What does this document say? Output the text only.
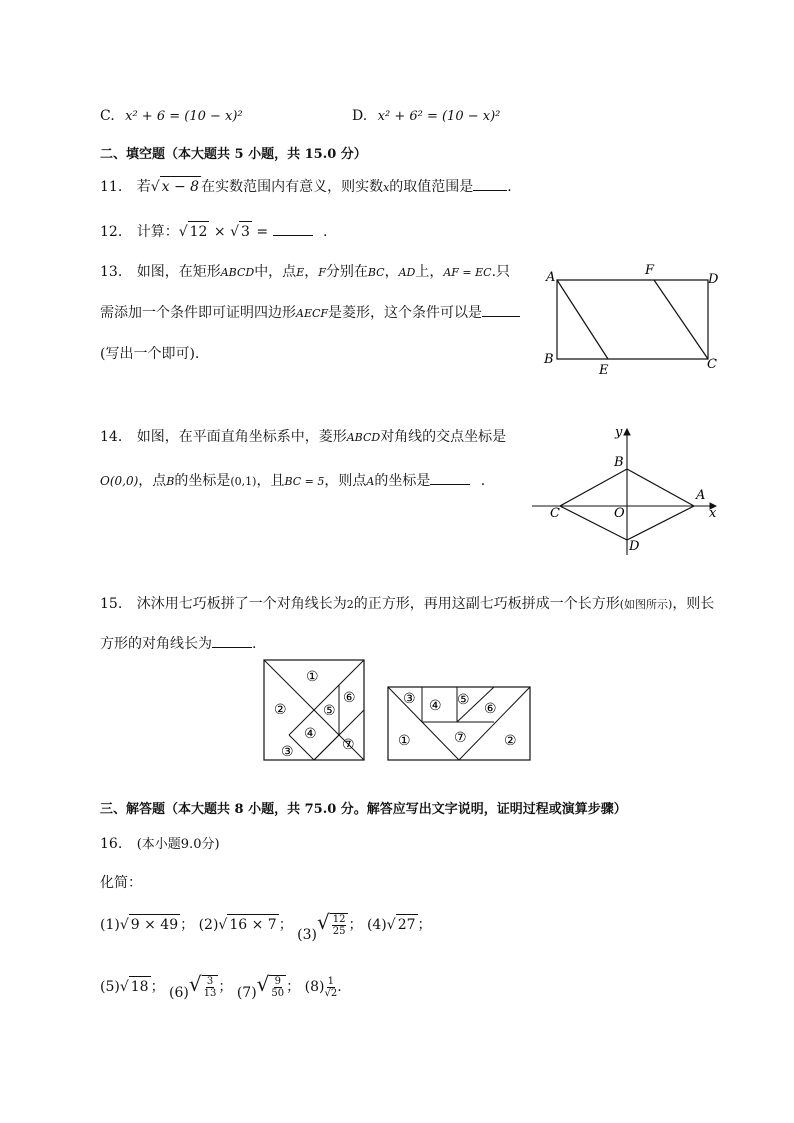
C. x² + 6 = (10 − x)²	D. x² + 6² = (10 − x)²
二、填空题（本大题共 5 小题，共 15.0 分）
11. 若√ x − 8 在实数范围内有意义，则实数x的取值范围是 .
12. 计算：√ 12 × √ 3 =	.
13. 如图，在矩形ABCD中，点E，F分别在BC，AD上，AF = EC.只
需添加一个条件即可证明四边形AECF是菱形，这个条件可以是
(写出一个即可).
A	F
D
B
E	C
14. 如图，在平面直角坐标系中，菱形ABCD对角线的交点坐标是
O(0,0)，点B的坐标是(0,1)，且BC = 5，则点A的坐标是	.
y
x
B
A
C	O
D
15. 沐沐用七巧板拼了一个对角线长为2的正方形，再用这副七巧板拼成一个长方形(如图所示)，则长
方形的对角线长为	.
①
②
③
④
⑤
⑥
⑦
③ ④ ⑤
⑥
①	⑦	②
三、解答题（本大题共 8 小题，共 75.0 分。解答应写出文字说明，证明过程或演算步骤）
16. (本小题9.0分)
化简：
(1)√ 9 × 49 ； (2)√ 16 × 7 ； $(3)√ \frac{12}{25}$ ； (4)√ 27 ；
(5)√ 18 ； $(6)√ \frac{3}{13}$ ； $(7)√ \frac{9}{50}$ ； $(8) \frac{1}{√2}$ .
